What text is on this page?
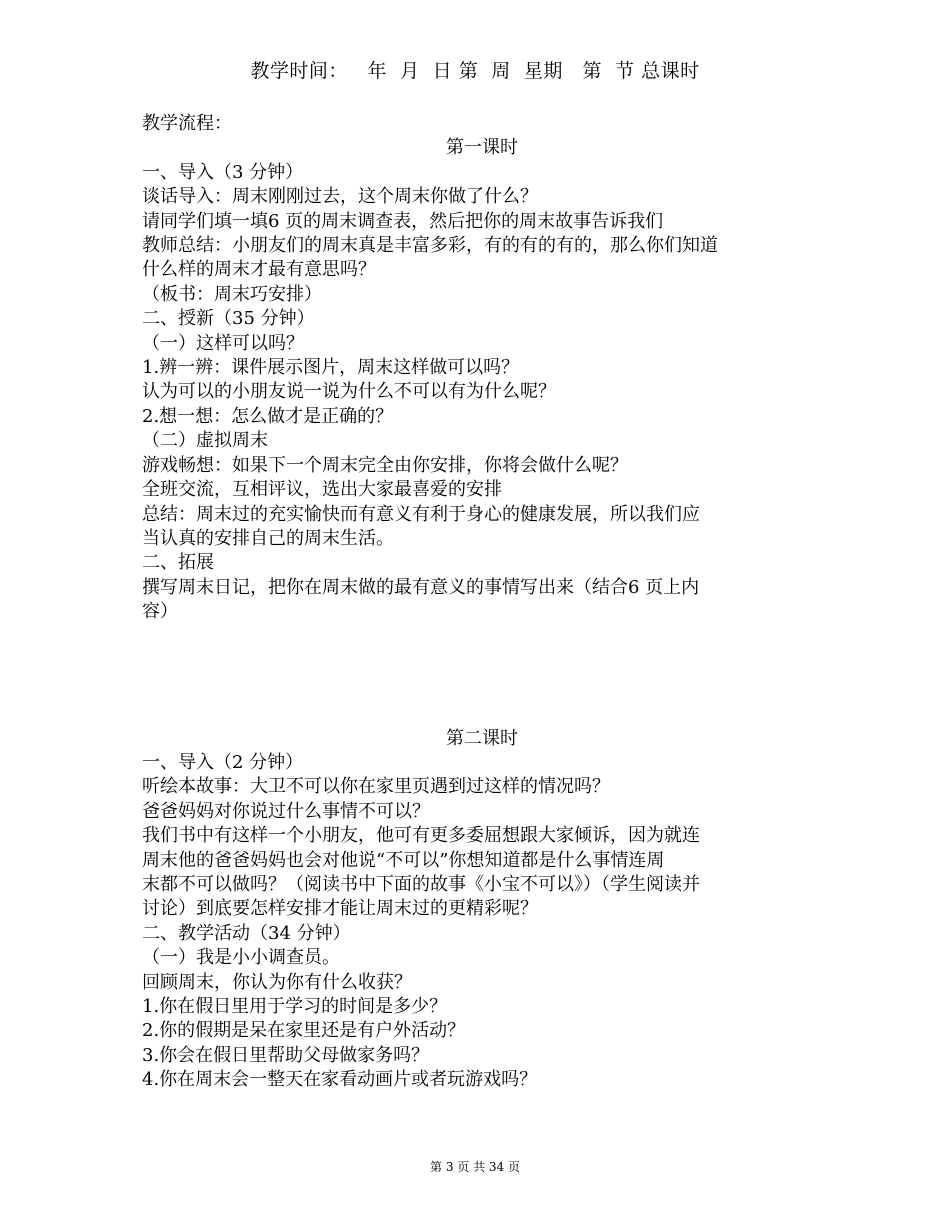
教学时间：   年  月  日 第  周  星期   第  节 总课时
教学流程：
第一课时
一、导入（3 分钟）
谈话导入：周末刚刚过去，这个周末你做了什么？
请同学们填一填6 页的周末调查表，然后把你的周末故事告诉我们
教师总结：小朋友们的周末真是丰富多彩，有的有的有的，那么你们知道
什么样的周末才最有意思吗？
（板书：周末巧安排）
二、授新（35 分钟）
（一）这样可以吗？
1.辨一辨：课件展示图片，周末这样做可以吗？
认为可以的小朋友说一说为什么不可以有为什么呢？
2.想一想：怎么做才是正确的？
（二）虚拟周末
游戏畅想：如果下一个周末完全由你安排，你将会做什么呢？
全班交流，互相评议，选出大家最喜爱的安排
总结：周末过的充实愉快而有意义有利于身心的健康发展，所以我们应
当认真的安排自己的周末生活。
二、拓展
撰写周末日记，把你在周末做的最有意义的事情写出来（结合6 页上内
容）
第二课时
一、导入（2 分钟）
听绘本故事：大卫不可以你在家里页遇到过这样的情况吗？
爸爸妈妈对你说过什么事情不可以？
我们书中有这样一个小朋友，他可有更多委屈想跟大家倾诉，因为就连
周末他的爸爸妈妈也会对他说“不可以”你想知道都是什么事情连周
末都不可以做吗？（阅读书中下面的故事《小宝不可以》）（学生阅读并
讨论）到底要怎样安排才能让周末过的更精彩呢？
二、教学活动（34 分钟）
（一）我是小小调查员。
回顾周末，你认为你有什么收获？
1.你在假日里用于学习的时间是多少？
2.你的假期是呆在家里还是有户外活动？
3.你会在假日里帮助父母做家务吗？
4.你在周末会一整天在家看动画片或者玩游戏吗？
第 3 页 共 34 页
